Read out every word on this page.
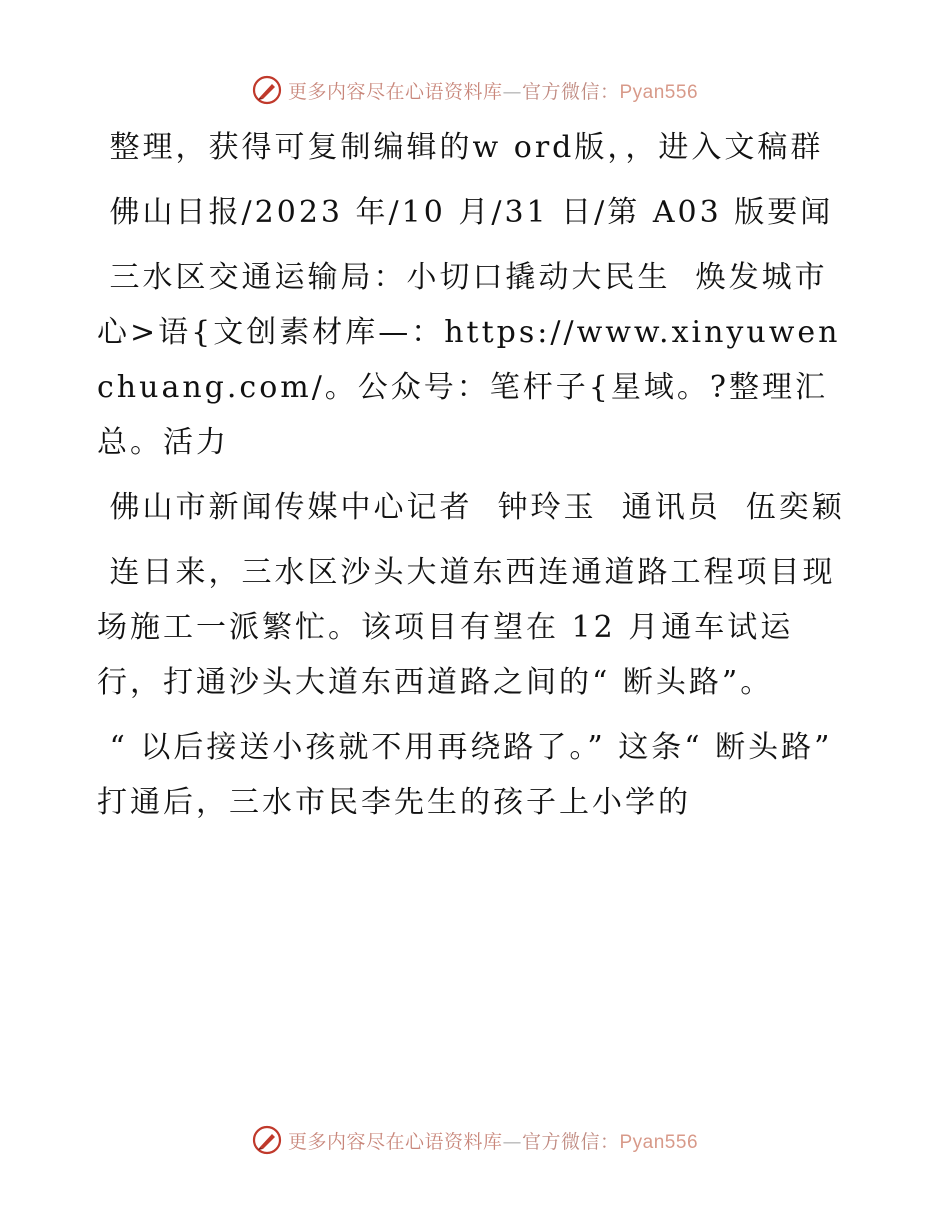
更多内容尽在心语资料库—官方微信：Pyan556

整理，获得可复制编辑的w ord版，，进入文稿群

佛山日报/2023 年/10 月/31 日/第 A03 版要闻

三水区交通运输局：小切口撬动大民生  焕发城市心>语{文创素材库—：https://www.xinyuwenchuang.com/。公众号：笔杆子{星域。?整理汇总。活力

佛山市新闻传媒中心记者  钟玲玉  通讯员  伍奕颖

连日来，三水区沙头大道东西连通道路工程项目现场施工一派繁忙。该项目有望在 12 月通车试运行，打通沙头大道东西道路之间的“ 断头路”。

“ 以后接送小孩就不用再绕路了。” 这条“ 断头路” 打通后，三水市民李先生的孩子上小学的

更多内容尽在心语资料库—官方微信：Pyan556
